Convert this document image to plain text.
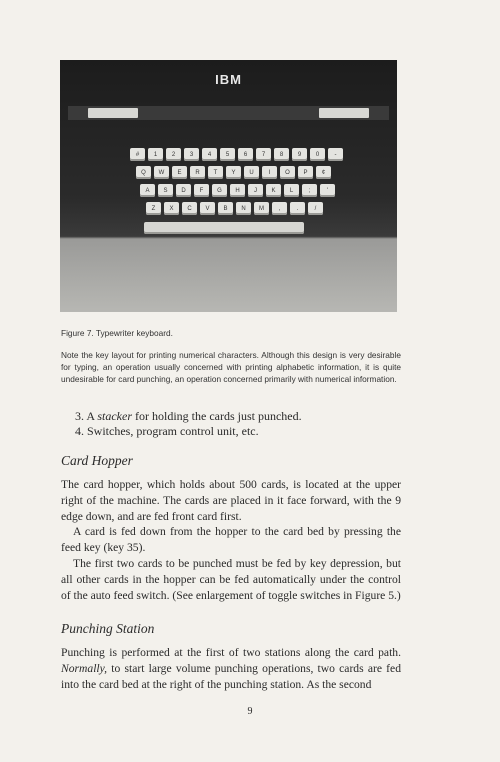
IBM
#	1	2	3	4	5	6	7	8	9	0	-
Q	W	E	R	T	Y	U	I	O	P	¢
A	S	D	F	G	H	J	K	L	;	'
Z	X	C	V	B	N	M	,	.	/

Figure 7. Typewriter keyboard.

Note the key layout for printing numerical characters. Although this design is very desirable for typing, an operation usually concerned with printing alphabetic information, it is quite undesirable for card punching, an operation concerned primarily with numerical information.

3. A stacker for holding the cards just punched.

4. Switches, program control unit, etc.

Card Hopper

The card hopper, which holds about 500 cards, is located at the upper right of the machine. The cards are placed in it face forward, with the 9 edge down, and are fed front card first.

A card is fed down from the hopper to the card bed by pressing the feed key (key 35).

The first two cards to be punched must be fed by key depression, but all other cards in the hopper can be fed automatically under the control of the auto feed switch. (See enlargement of toggle switches in Figure 5.)

Punching Station

Punching is performed at the first of two stations along the card path. Normally, to start large volume punching operations, two cards are fed into the card bed at the right of the punching station. As the second

9
